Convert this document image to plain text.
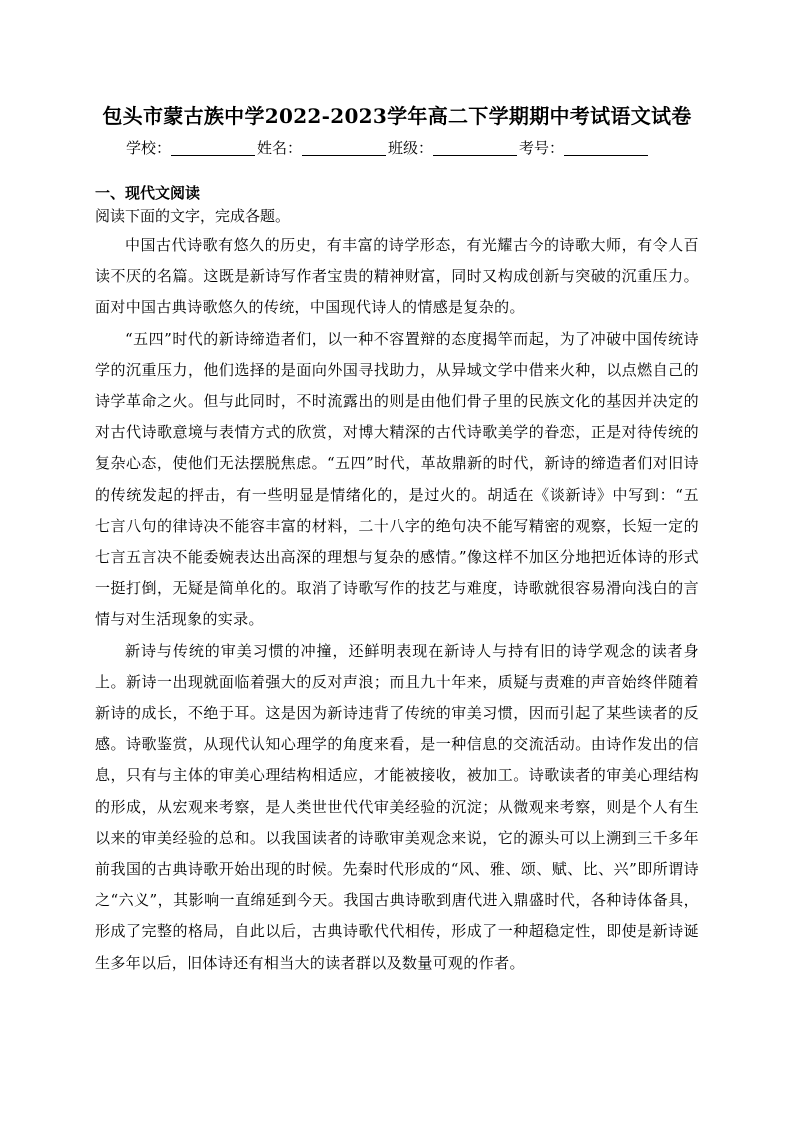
包头市蒙古族中学2022-2023学年高二下学期期中考试语文试卷
学校：	姓名：	班级：	考号：
一、现代文阅读
阅读下面的文字，完成各题。

中国古代诗歌有悠久的历史，有丰富的诗学形态，有光耀古今的诗歌大师，有令人百读不厌的名篇。这既是新诗写作者宝贵的精神财富，同时又构成创新与突破的沉重压力。面对中国古典诗歌悠久的传统，中国现代诗人的情感是复杂的。

“五四”时代的新诗缔造者们，以一种不容置辩的态度揭竿而起，为了冲破中国传统诗学的沉重压力，他们选择的是面向外国寻找助力，从异域文学中借来火种，以点燃自己的诗学革命之火。但与此同时，不时流露出的则是由他们骨子里的民族文化的基因并决定的对古代诗歌意境与表情方式的欣赏，对博大精深的古代诗歌美学的眷恋，正是对待传统的复杂心态，使他们无法摆脱焦虑。“五四”时代，革故鼎新的时代，新诗的缔造者们对旧诗的传统发起的抨击，有一些明显是情绪化的，是过火的。胡适在《谈新诗》中写到：“五七言八句的律诗决不能容丰富的材料，二十八字的绝句决不能写精密的观察，长短一定的七言五言决不能委婉表达出高深的理想与复杂的感情。”像这样不加区分地把近体诗的形式一挺打倒，无疑是简单化的。取消了诗歌写作的技艺与难度，诗歌就很容易滑向浅白的言情与对生活现象的实录。

新诗与传统的审美习惯的冲撞，还鲜明表现在新诗人与持有旧的诗学观念的读者身上。新诗一出现就面临着强大的反对声浪；而且九十年来，质疑与责难的声音始终伴随着新诗的成长，不绝于耳。这是因为新诗违背了传统的审美习惯，因而引起了某些读者的反感。诗歌鉴赏，从现代认知心理学的角度来看，是一种信息的交流活动。由诗作发出的信息，只有与主体的审美心理结构相适应，才能被接收，被加工。诗歌读者的审美心理结构的形成，从宏观来考察，是人类世世代代审美经验的沉淀；从微观来考察，则是个人有生以来的审美经验的总和。以我国读者的诗歌审美观念来说，它的源头可以上溯到三千多年前我国的古典诗歌开始出现的时候。先秦时代形成的“风、雅、颂、赋、比、兴”即所谓诗之“六义”，其影响一直绵延到今天。我国古典诗歌到唐代进入鼎盛时代，各种诗体备具，形成了完整的格局，自此以后，古典诗歌代代相传，形成了一种超稳定性，即使是新诗诞生多年以后，旧体诗还有相当大的读者群以及数量可观的作者。
